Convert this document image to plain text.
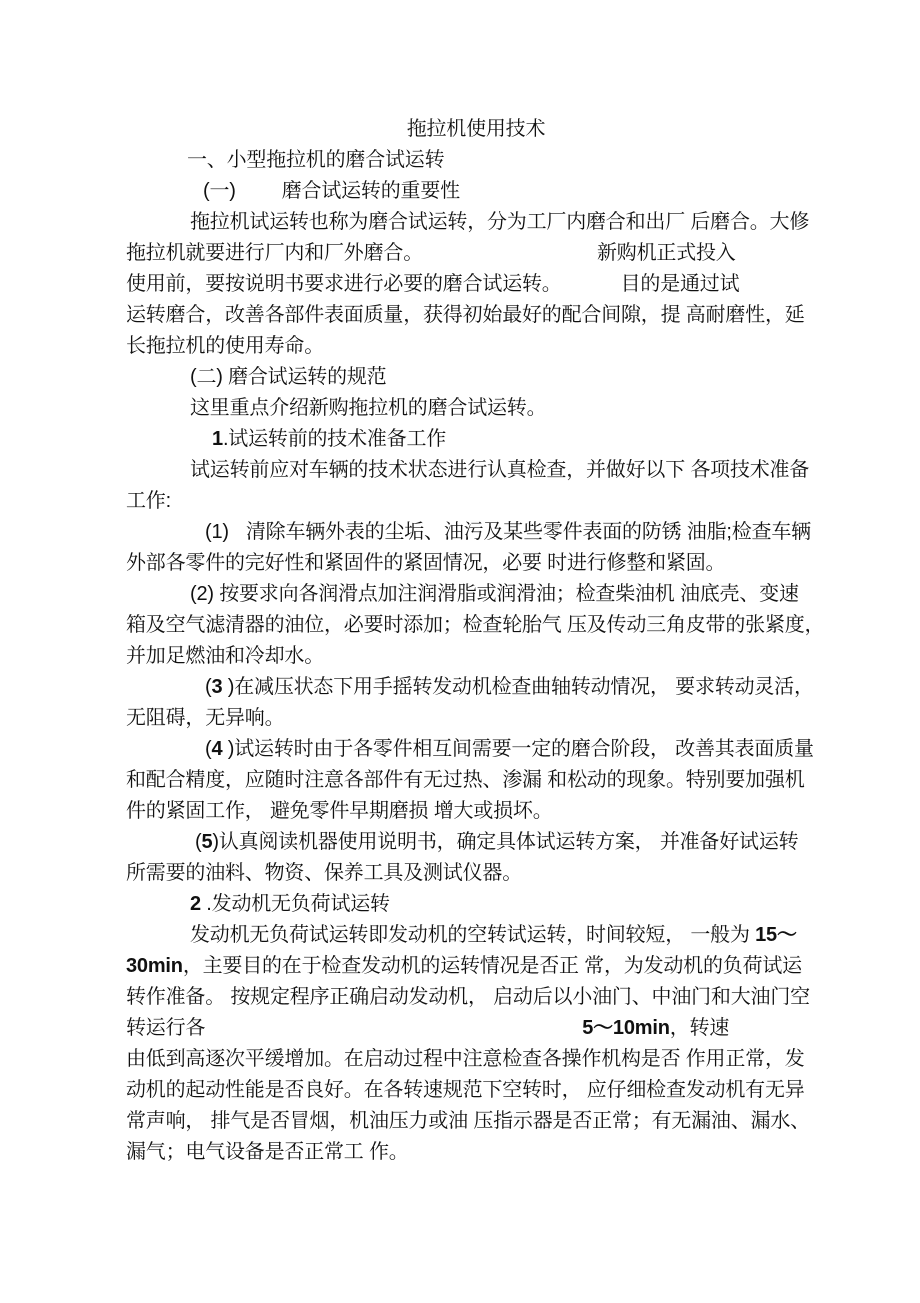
拖拉机使用技术
一、小型拖拉机的磨合试运转
(一) 磨合试运转的重要性
拖拉机试运转也称为磨合试运转，分为工厂内磨合和出厂 后磨合。大修
拖拉机就要进行厂内和厂外磨合。	新购机正式投入
使用前，要按说明书要求进行必要的磨合试运转。	目的是通过试
运转磨合，改善各部件表面质量，获得初始最好的配合间隙，提 高耐磨性，延
长拖拉机的使用寿命。
(二) 磨合试运转的规范
这里重点介绍新购拖拉机的磨合试运转。
1.试运转前的技术准备工作
试运转前应对车辆的技术状态进行认真检查，并做好以下 各项技术准备
工作:
(1) 清除车辆外表的尘垢、油污及某些零件表面的防锈 油脂;检查车辆
外部各零件的完好性和紧固件的紧固情况，必要 时进行修整和紧固。
(2) 按要求向各润滑点加注润滑脂或润滑油；检查柴油机 油底壳、变速
箱及空气滤清器的油位，必要时添加；检查轮胎气 压及传动三角皮带的张紧度，
并加足燃油和冷却水。
(3 )在减压状态下用手摇转发动机检查曲轴转动情况， 要求转动灵活，
无阻碍，无异响。
(4 )试运转时由于各零件相互间需要一定的磨合阶段， 改善其表面质量
和配合精度，应随时注意各部件有无过热、渗漏 和松动的现象。特别要加强机
件的紧固工作， 避免零件早期磨损 增大或损坏。
(5)认真阅读机器使用说明书，确定具体试运转方案， 并准备好试运转
所需要的油料、物资、保养工具及测试仪器。
2 .发动机无负荷试运转
发动机无负荷试运转即发动机的空转试运转，时间较短， 一般为 15〜
30min，主要目的在于检查发动机的运转情况是否正 常，为发动机的负荷试运
转作准备。 按规定程序正确启动发动机， 启动后以小油门、中油门和大油门空
转运行各	5〜10min，转速
由低到高逐次平缓增加。在启动过程中注意检查各操作机构是否 作用正常，发
动机的起动性能是否良好。在各转速规范下空转时， 应仔细检查发动机有无异
常声响， 排气是否冒烟，机油压力或油 压指示器是否正常；有无漏油、漏水、
漏气；电气设备是否正常工 作。
